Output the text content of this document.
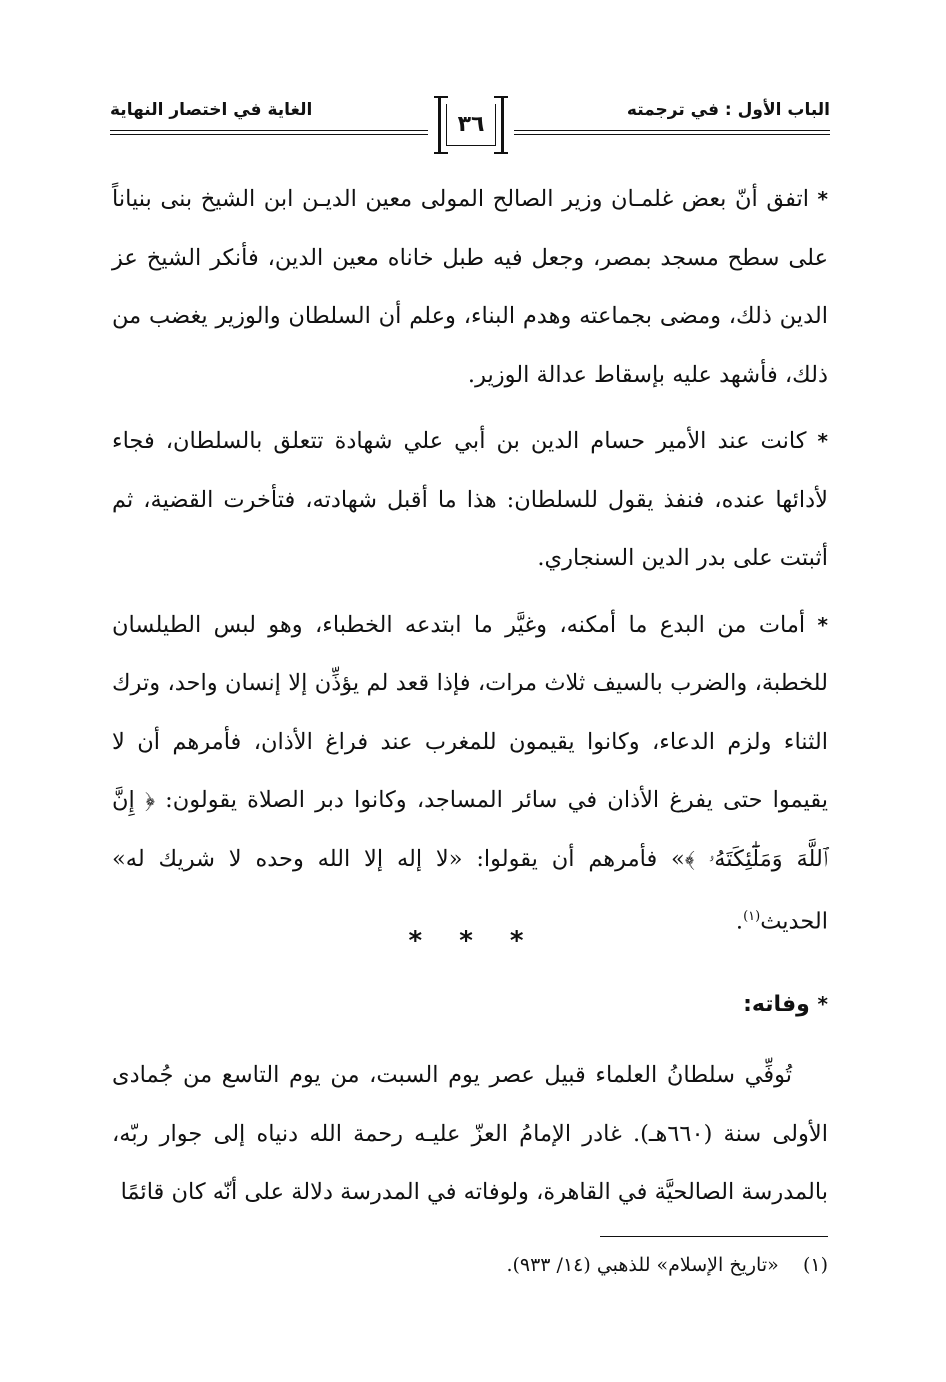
الباب الأول : في ترجمته
الغاية في اختصار النهاية
٣٦

* اتفق أنّ بعض غلمـان وزير الصالح المولى معين الديـن ابن الشيخ بنى بنياناً على سطح مسجد بمصر، وجعل فيه طبل خاناه معين الدين، فأنكر الشيخ عز الدين ذلك، ومضى بجماعته وهدم البناء، وعلم أن السلطان والوزير يغضب من ذلك، فأشهد عليه بإسقاط عدالة الوزير.

* كانت عند الأمير حسام الدين بن أبي علي شهادة تتعلق بالسلطان، فجاء لأدائها عنده، فنفذ يقول للسلطان: هذا ما أقبل شهادته، فتأخرت القضية، ثم أثبتت على بدر الدين السنجاري.

* أمات من البدع ما أمكنه، وغيَّر ما ابتدعه الخطباء، وهو لبس الطيلسان للخطبة، والضرب بالسيف ثلاث مرات، فإذا قعد لم يؤذِّن إلا إنسان واحد، وترك الثناء ولزم الدعاء، وكانوا يقيمون للمغرب عند فراغ الأذان، فأمرهم أن لا يقيموا حتى يفرغ الأذان في سائر المساجد، وكانوا دبر الصلاة يقولون: ﴿ إِنَّ ٱللَّهَ وَمَلَٰٓئِكَتَهُۥ ﴾» فأمرهم أن يقولوا: «لا إله إلا الله وحده لا شريك له» الحديث$^{(١)}$.

* * *
* وفاته:

تُوفِّي سلطانُ العلماء قبيل عصر يوم السبت، من يوم التاسع من جُمادى الأولى سنة (٦٦٠هـ). غادر الإمامُ العزّ عليـه رحمة الله دنياه إلى جوار ربّه، بالمدرسة الصالحيَّة في القاهرة، ولوفاته في المدرسة دلالة على أنّه كان قائمًا

(١)    «تاريخ الإسلام» للذهبي (١٤/ ٩٣٣).
